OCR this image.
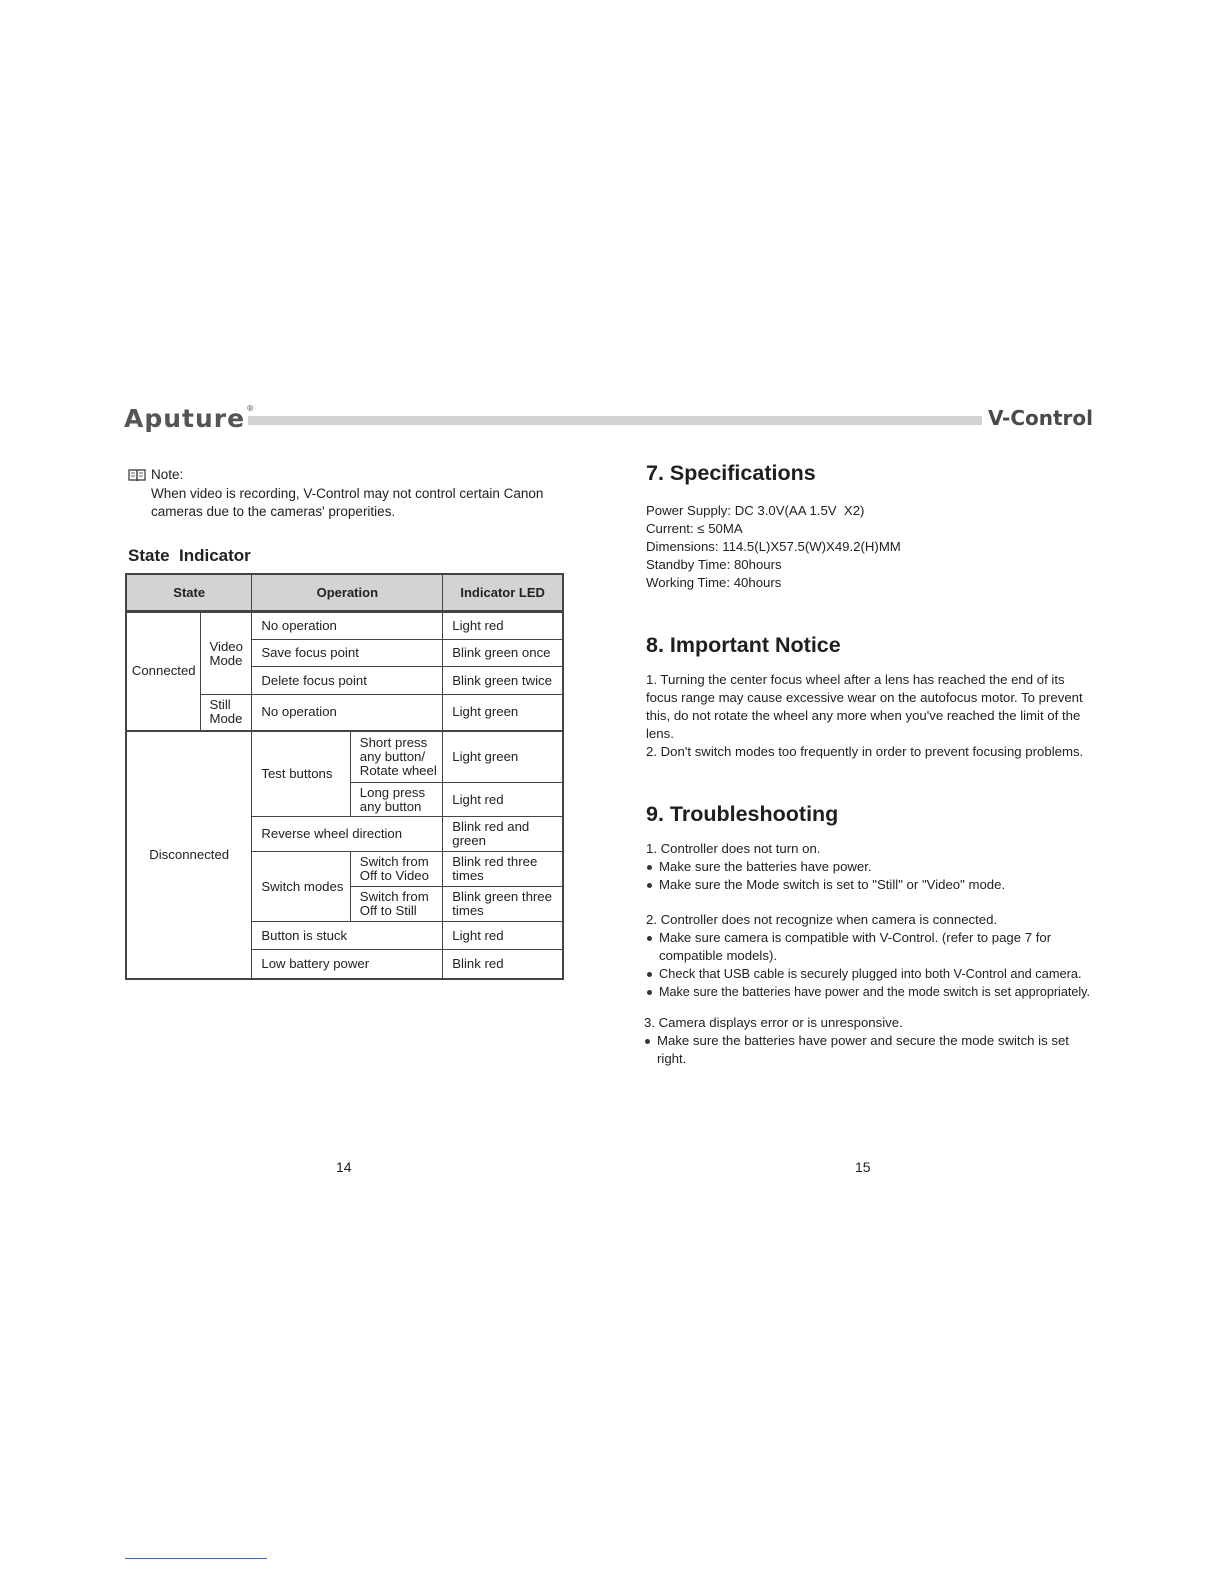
Aputure®	V-Control
Note:
When video is recording, V-Control may not control certain Canon cameras due to the cameras' properities.
State  Indicator
State		Operation		Indicator LED
Connected	Video Mode	No operation		Light red
		Save focus point		Blink green once
		Delete focus point		Blink green twice
	Still Mode	No operation		Light green
Disconnected		Test buttons	Short press any button/ Rotate wheel	Light green
			Long press any button	Light red
		Reverse wheel direction		Blink red and green
		Switch modes	Switch from Off to Video	Blink red three times
			Switch from Off to Still	Blink green three times
		Button is stuck		Light red
		Low battery power		Blink red
14
7. Specifications
Power Supply: DC 3.0V(AA 1.5V  X2)
Current: ≤ 50MA
Dimensions: 114.5(L)X57.5(W)X49.2(H)MM
Standby Time: 80hours
Working Time: 40hours
8. Important Notice
1. Turning the center focus wheel after a lens has reached the end of its focus range may cause excessive wear on the autofocus motor. To prevent this, do not rotate the wheel any more when you've reached the limit of the lens.
2. Don't switch modes too frequently in order to prevent focusing problems.
9. Troubleshooting

1. Controller does not turn on.

Make sure the batteries have power.

Make sure the Mode switch is set to "Still" or "Video" mode.

2. Controller does not recognize when camera is connected.

Make sure camera is compatible with V-Control. (refer to page 7 for compatible models).

Check that USB cable is securely plugged into both V-Control and camera.

Make sure the batteries have power and the mode switch is set appropriately.

3. Camera displays error or is unresponsive.

Make sure the batteries have power and secure the mode switch is set right.

15
